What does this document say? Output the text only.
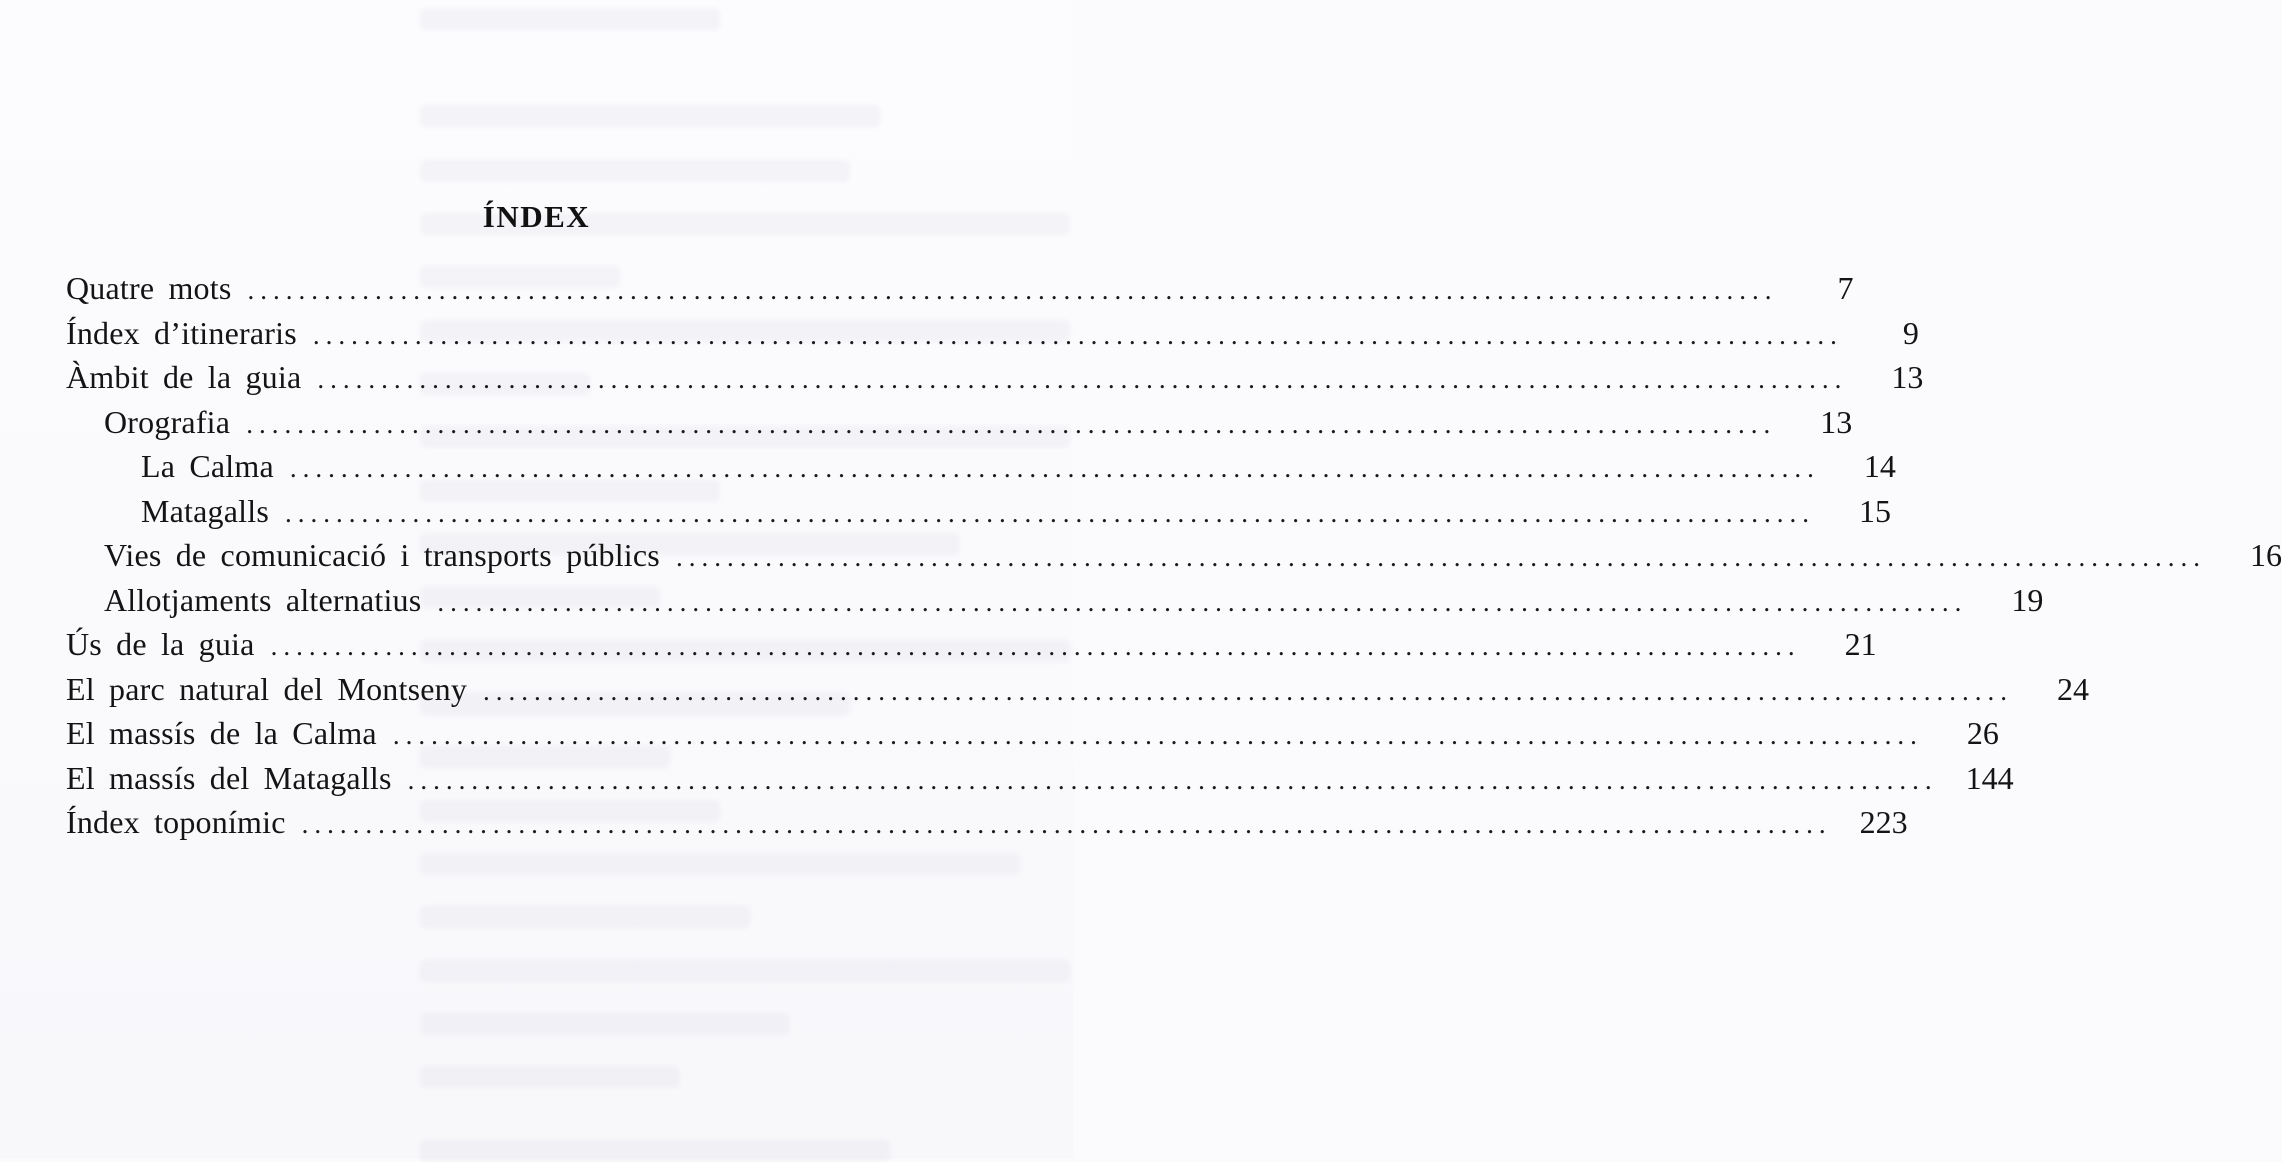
ÍNDEX
Quatre mots ........................................................................................................................	7
Índex d’itineraris ........................................................................................................................	9
Àmbit de la guia ........................................................................................................................	13
Orografia ........................................................................................................................	13
La Calma ........................................................................................................................	14
Matagalls ........................................................................................................................	15
Vies de comunicació i transports públics ........................................................................................................................	16
Allotjaments alternatius ........................................................................................................................	19
Ús de la guia ........................................................................................................................	21
El parc natural del Montseny ........................................................................................................................	24
El massís de la Calma ........................................................................................................................	26
El massís del Matagalls ........................................................................................................................ 144
Índex toponímic ........................................................................................................................ 223
